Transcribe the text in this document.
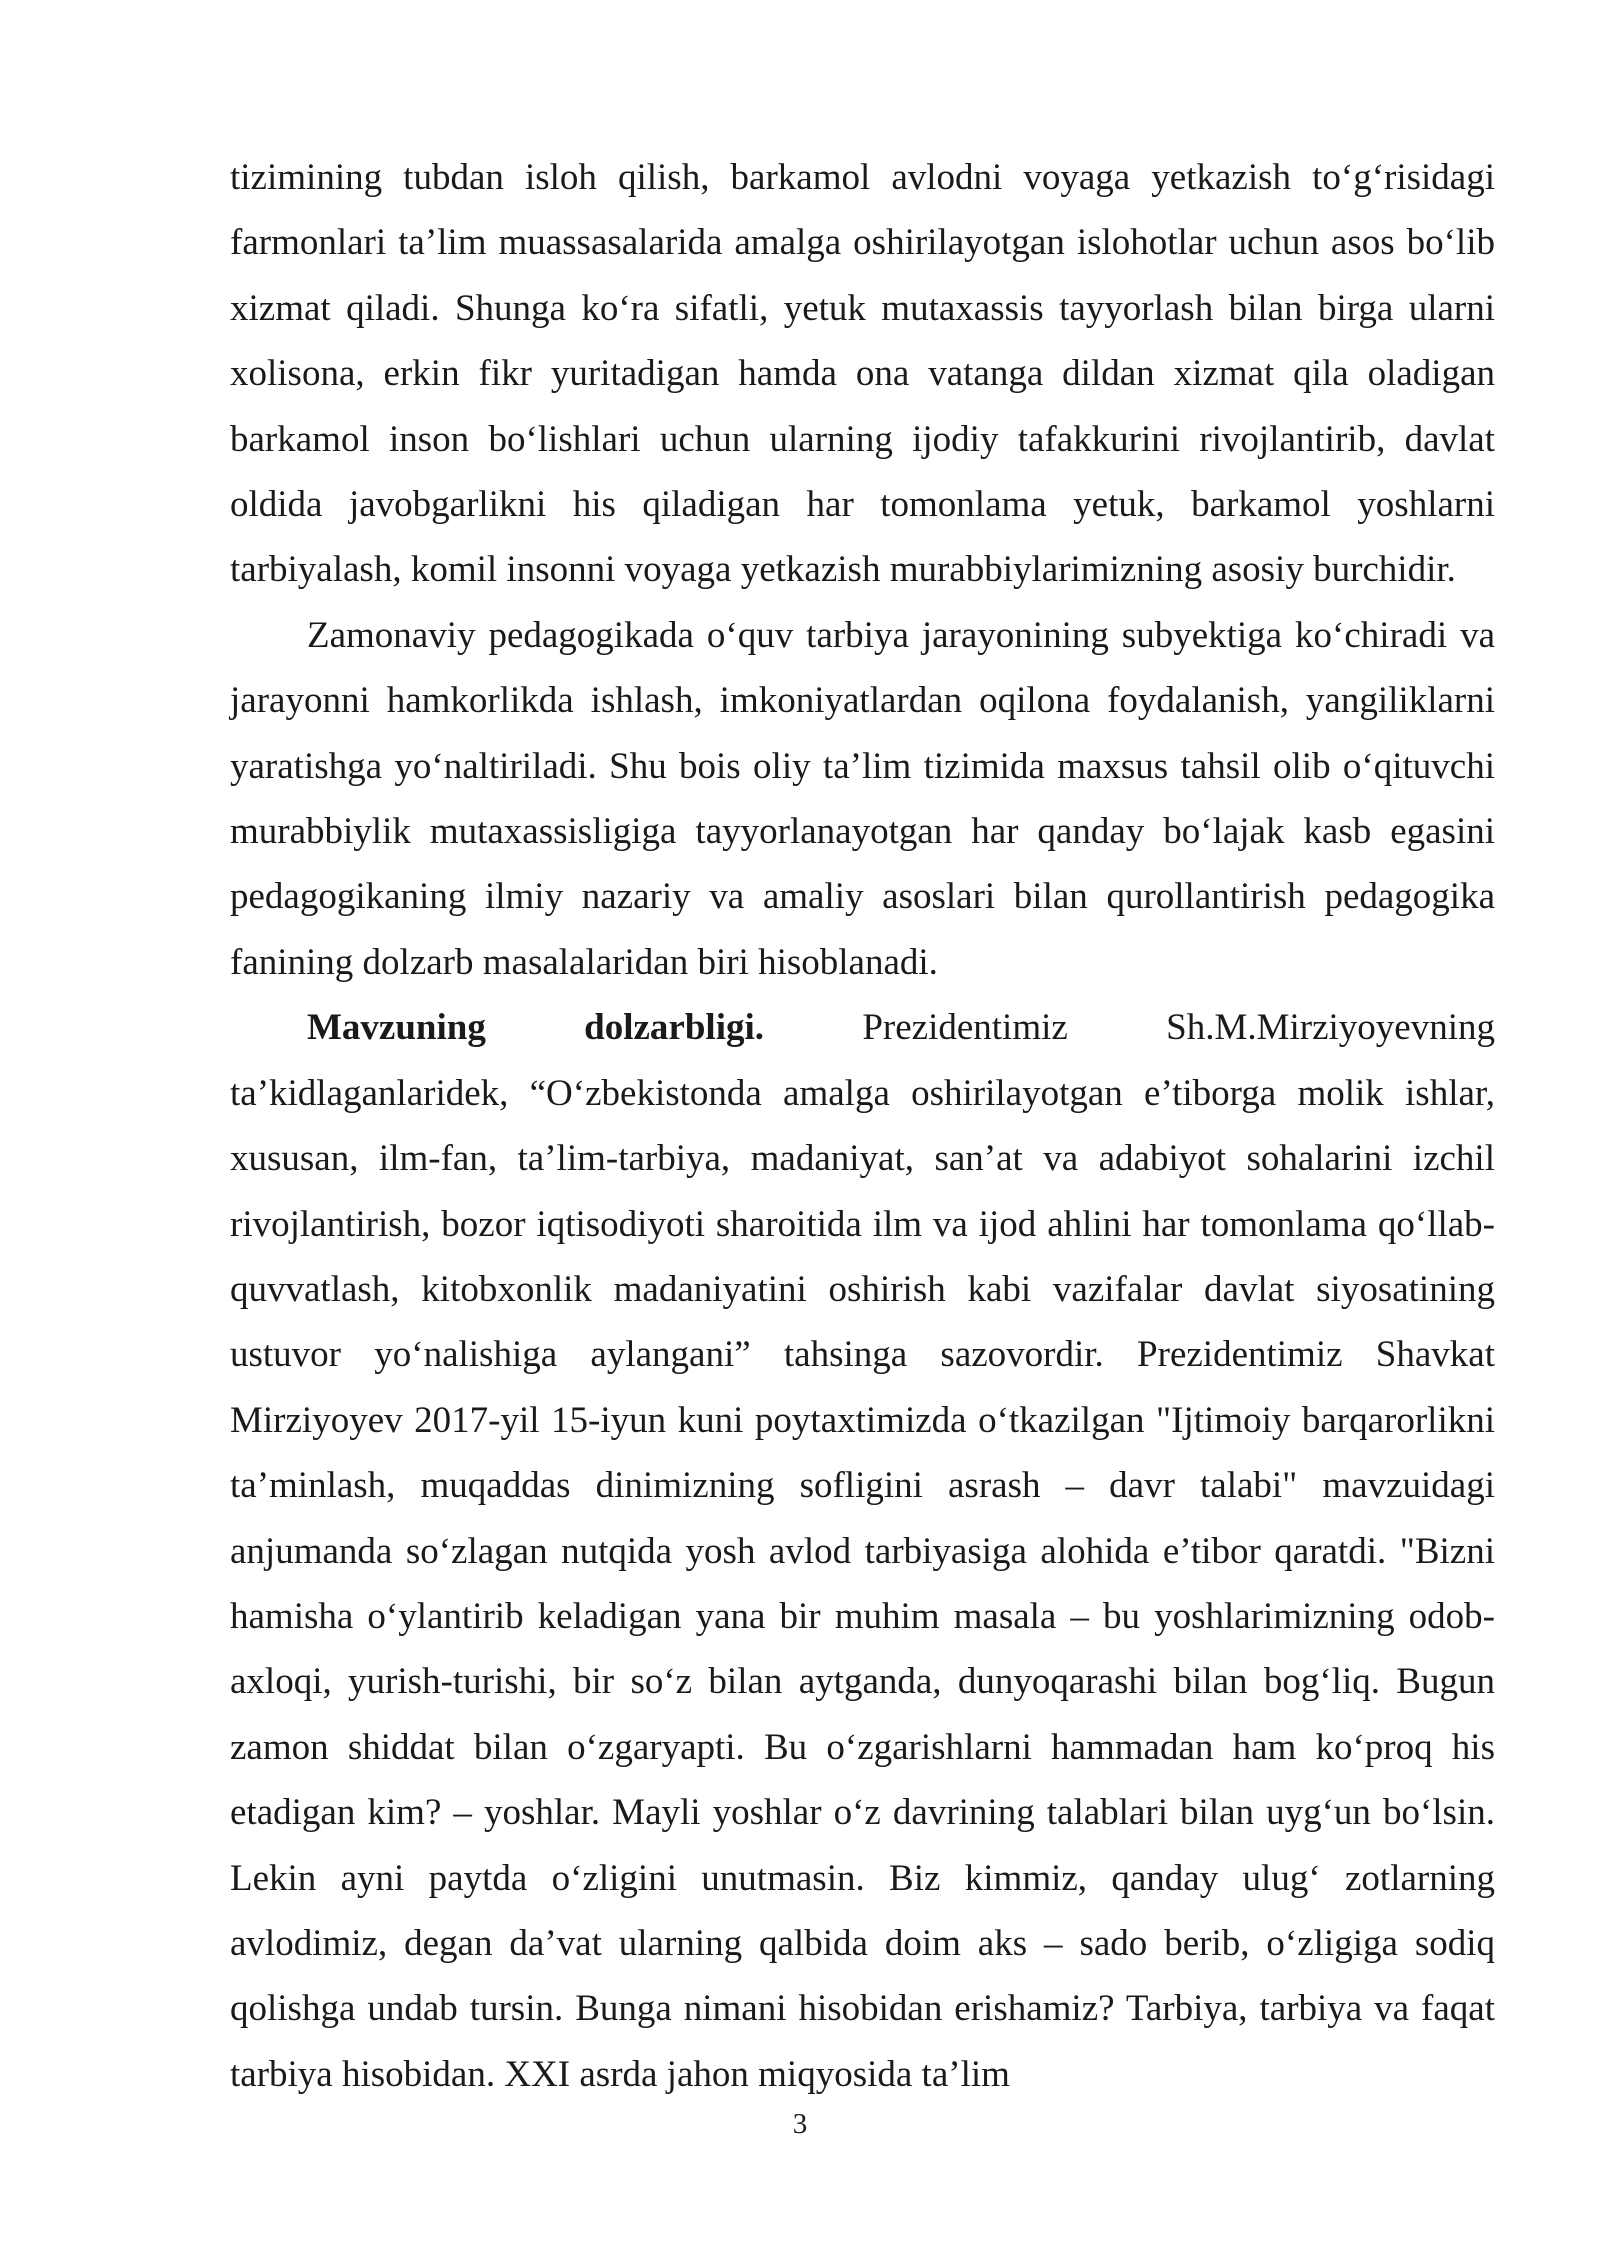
tizimining tubdan isloh qilish, barkamol avlodni voyaga yetkazish to‘g‘risidagi farmonlari ta’lim muassasalarida amalga oshirilayotgan islohotlar uchun asos bo‘lib xizmat qiladi. Shunga ko‘ra sifatli, yetuk mutaxassis tayyorlash bilan birga ularni xolisona, erkin fikr yuritadigan hamda ona vatanga dildan xizmat qila oladigan barkamol inson bo‘lishlari uchun ularning ijodiy tafakkurini rivojlantirib, davlat oldida javobgarlikni his qiladigan har tomonlama yetuk, barkamol yoshlarni tarbiyalash, komil insonni voyaga yetkazish murabbiylarimizning asosiy burchidir.

Zamonaviy pedagogikada o‘quv tarbiya jarayonining subyektiga ko‘chiradi va jarayonni hamkorlikda ishlash, imkoniyatlardan oqilona foydalanish, yangiliklarni yaratishga yo‘naltiriladi. Shu bois oliy ta’lim tizimida maxsus tahsil olib o‘qituvchi murabbiylik mutaxassisligiga tayyorlanayotgan har qanday bo‘lajak kasb egasini pedagogikaning ilmiy nazariy va amaliy asoslari bilan qurollantirish pedagogika fanining dolzarb masalalaridan biri hisoblanadi.

Mavzuning dolzarbligi.	Prezidentimiz Sh.M.Mirziyoyevning ta’kidlaganlaridek, “O‘zbekistonda amalga oshirilayotgan e’tiborga molik ishlar, xususan, ilm-fan, ta’lim-tarbiya, madaniyat, san’at va adabiyot sohalarini izchil rivojlantirish, bozor iqtisodiyoti sharoitida ilm va ijod ahlini har tomonlama qo‘llab-quvvatlash, kitobxonlik madaniyatini oshirish kabi vazifalar davlat siyosatining ustuvor yo‘nalishiga aylangani” tahsinga sazovordir. Prezidentimiz Shavkat Mirziyoyev 2017-yil 15-iyun kuni poytaxtimizda o‘tkazilgan "Ijtimoiy barqarorlikni ta’minlash, muqaddas dinimizning sofligini asrash – davr talabi" mavzuidagi anjumanda so‘zlagan nutqida yosh avlod tarbiyasiga alohida e’tibor qaratdi. "Bizni hamisha o‘ylantirib keladigan yana bir muhim masala – bu yoshlarimizning odob-axloqi, yurish-turishi, bir so‘z bilan aytganda, dunyoqarashi bilan bog‘liq. Bugun zamon shiddat bilan o‘zgaryapti. Bu o‘zgarishlarni hammadan ham ko‘proq his etadigan kim? – yoshlar. Mayli yoshlar o‘z davrining talablari bilan uyg‘un bo‘lsin. Lekin ayni paytda o‘zligini unutmasin. Biz kimmiz, qanday ulug‘ zotlarning avlodimiz, degan da’vat ularning qalbida doim aks – sado berib, o‘zligiga sodiq qolishga undab tursin. Bunga nimani hisobidan erishamiz? Tarbiya, tarbiya va faqat tarbiya hisobidan. XXI asrda jahon miqyosida ta’lim

3
